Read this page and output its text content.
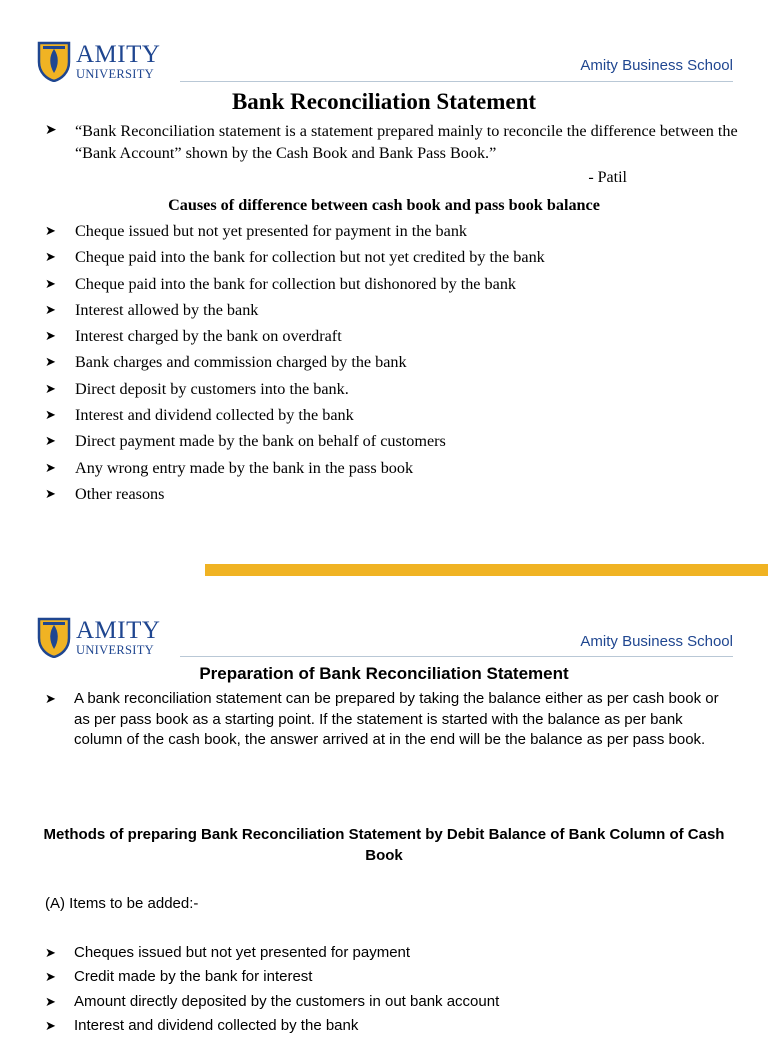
AMITY
UNIVERSITY	Amity Business School
Bank Reconciliation Statement
➤ “Bank Reconciliation statement is a statement prepared mainly to reconcile the difference between the “Bank Account” shown by the Cash Book and Bank Pass Book.”
- Patil
Causes of difference between cash book and pass book balance
➤ Cheque issued but not yet presented for payment in the bank
➤ Cheque paid into the bank for collection but not yet credited by the bank
➤ Cheque paid into the bank for collection but dishonored by the bank
➤ Interest allowed by the bank
➤ Interest charged by the bank on overdraft
➤ Bank charges and commission charged by the bank
➤ Direct deposit by customers into the bank.
➤ Interest and dividend collected by the bank
➤ Direct payment made by the bank on behalf of customers
➤ Any wrong entry made by the bank in the pass book
➤ Other reasons
AMITY
UNIVERSITY	Amity Business School
Preparation of Bank Reconciliation Statement
➤ A bank reconciliation statement can be prepared by taking the balance either as per cash book or as per pass book as a starting point. If the statement is started with the balance as per bank column of the cash book, the answer arrived at in the end will be the balance as per pass book.
Methods of preparing Bank Reconciliation Statement by Debit Balance of Bank Column of Cash Book
(A) Items to be added:-
➤ Cheques issued but not yet presented for payment
➤ Credit made by the bank for interest
➤ Amount directly deposited by the customers in out bank account
➤ Interest and dividend collected by the bank
